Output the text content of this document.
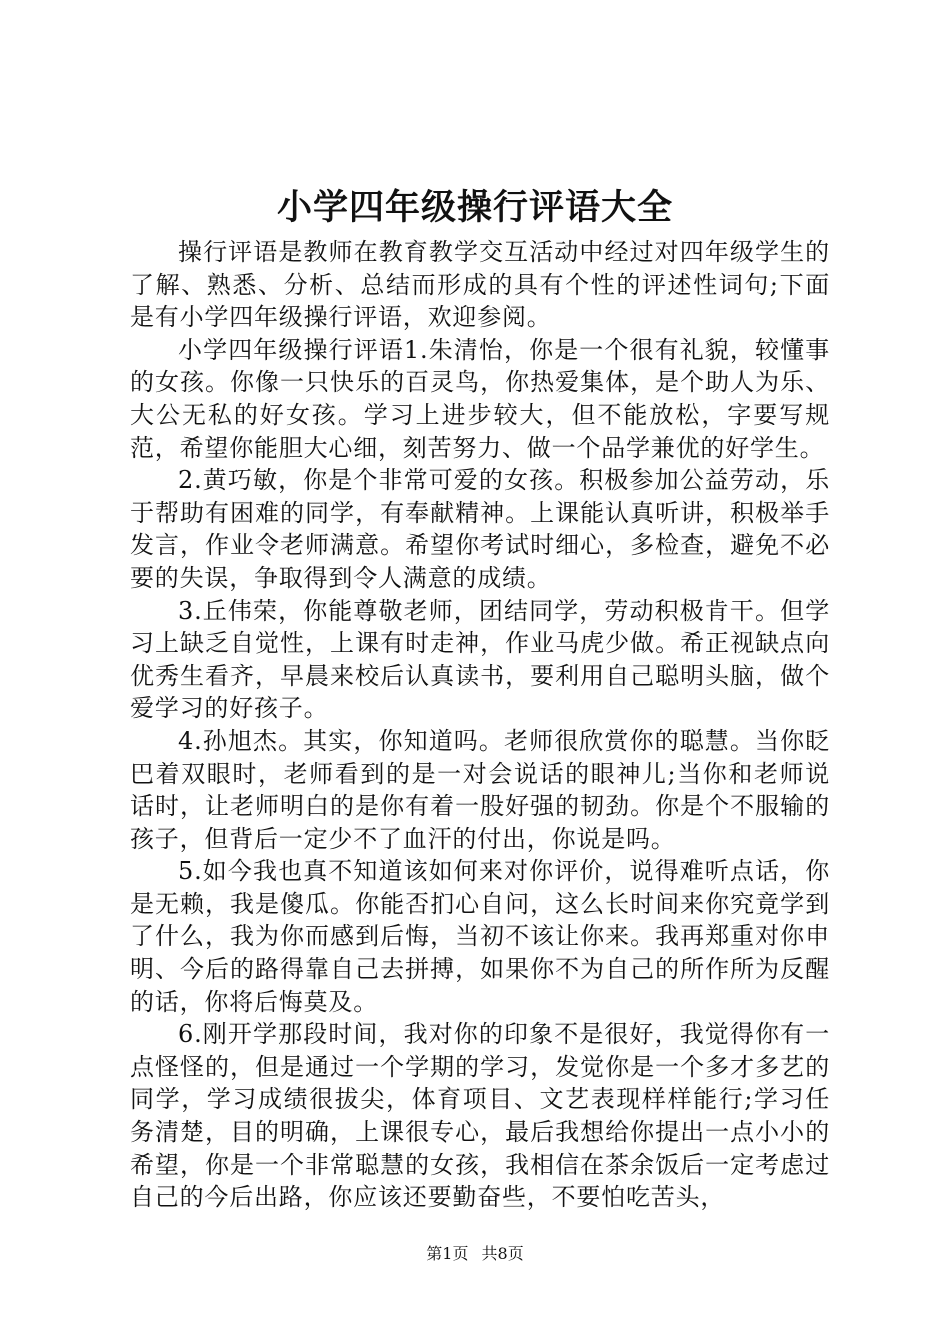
小学四年级操行评语大全

操行评语是教师在教育教学交互活动中经过对四年级学生的了解、熟悉、分析、总结而形成的具有个性的评述性词句;下面是有小学四年级操行评语，欢迎参阅。

小学四年级操行评语1.朱清怡，你是一个很有礼貌，较懂事的女孩。你像一只快乐的百灵鸟，你热爱集体，是个助人为乐、大公无私的好女孩。学习上进步较大，但不能放松，字要写规范，希望你能胆大心细，刻苦努力、做一个品学兼优的好学生。

2.黄巧敏，你是个非常可爱的女孩。积极参加公益劳动，乐于帮助有困难的同学，有奉献精神。上课能认真听讲，积极举手发言，作业令老师满意。希望你考试时细心，多检查，避免不必要的失误，争取得到令人满意的成绩。

3.丘伟荣，你能尊敬老师，团结同学，劳动积极肯干。但学习上缺乏自觉性，上课有时走神，作业马虎少做。希正视缺点向优秀生看齐，早晨来校后认真读书，要利用自己聪明头脑，做个爱学习的好孩子。

4.孙旭杰。其实，你知道吗。老师很欣赏你的聪慧。当你眨巴着双眼时，老师看到的是一对会说话的眼神儿;当你和老师说话时，让老师明白的是你有着一股好强的韧劲。你是个不服输的孩子，但背后一定少不了血汗的付出，你说是吗。

5.如今我也真不知道该如何来对你评价，说得难听点话，你是无赖，我是傻瓜。你能否扪心自问，这么长时间来你究竟学到了什么，我为你而感到后悔，当初不该让你来。我再郑重对你申明、今后的路得靠自己去拼搏，如果你不为自己的所作所为反醒的话，你将后悔莫及。

6.刚开学那段时间，我对你的印象不是很好，我觉得你有一点怪怪的，但是通过一个学期的学习，发觉你是一个多才多艺的同学，学习成绩很拔尖，体育项目、文艺表现样样能行;学习任务清楚，目的明确，上课很专心，最后我想给你提出一点小小的希望，你是一个非常聪慧的女孩，我相信在茶余饭后一定考虑过自己的今后出路，你应该还要勤奋些，不要怕吃苦头，

第1页 共8页
